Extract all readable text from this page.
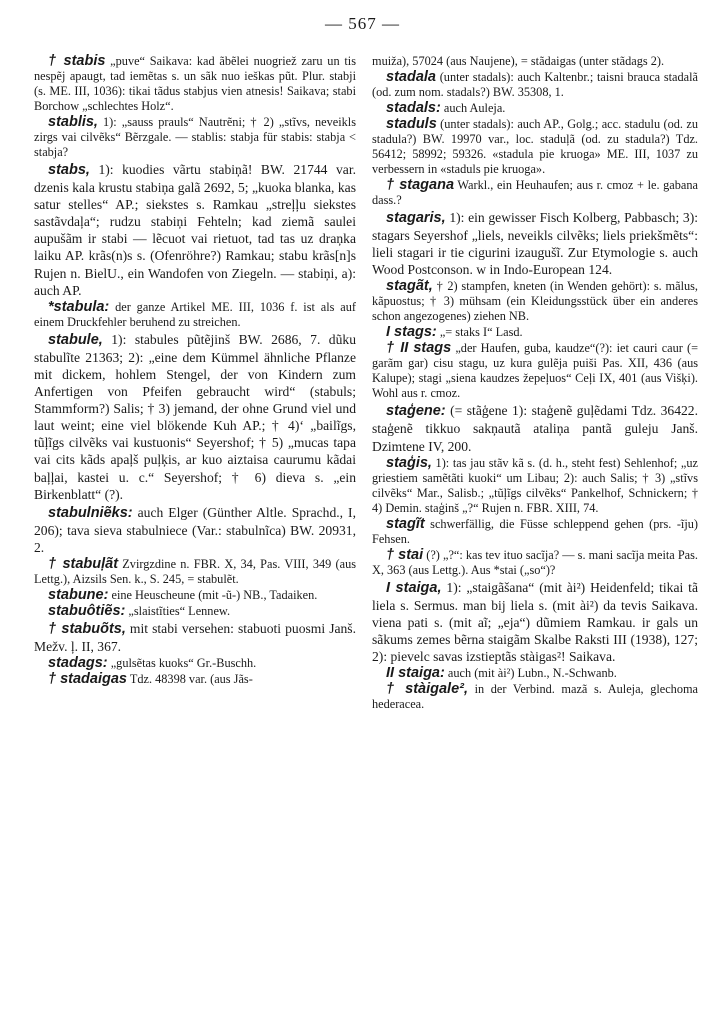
— 567 —

† stabis „puve“ Saikava: kad ãbẽlei nuogriež zaru un tis nespẽj apaugt, tad iemẽtas s. un sãk nuo ieškas pũt. Plur. stabji (s. ME. III, 1036): tikai tãdus stabjus vien atnesis! Saikava; stabi Borchow „schlechtes Holz“.

stablis, 1): „sauss prauls“ Nautrẽni; † 2) „stĩvs, neveikls zirgs vai cilvẽks“ Bẽrzgale. — stablis: stabja für stabis: stabja < stabja?

stabs, 1): kuodies vãrtu stabiņã! BW. 21744 var. dzenis kala krustu stabiņa galã 2692, 5; „kuoka blanka, kas satur stelles“ AP.; siekstes s. Ramkau „streļļu siekstes sastãvdaļa“; rudzu stabiņi Fehteln; kad ziemã saulei aupušãm ir stabi — lẽcuot vai rietuot, tad tas uz draņka laiku AP. krãs(n)s s. (Ofenröhre?) Ramkau; stabu krãs[n]s Rujen n. BielU., ein Wandofen von Ziegeln. — stabiņi, a): auch AP.

*stabula: der ganze Artikel ME. III, 1036 f. ist als auf einem Druckfehler beruhend zu streichen.

stabule, 1): stabules pũtẽjinš BW. 2686, 7. dũku stabulĩte 21363; 2): „eine dem Kümmel ähnliche Pflanze mit dickem, hohlem Stengel, der von Kindern zum Anfertigen von Pfeifen gebraucht wird“ (stabuls; Stammform?) Salis; † 3) jemand, der ohne Grund viel und laut weint; eine viel blökende Kuh AP.; † 4)ʻ „bailĩgs, tũļĩgs cilvẽks vai kustuonis“ Seyershof; † 5) „mucas tapa vai cits kãds apaļš puļķis, ar kuo aiztaisa caurumu kãdai baļļai, kastei u. c.“ Seyershof; † 6) dieva s. „ein Birkenblatt“ (?).

stabulniẽks: auch Elger (Günther Altle. Sprachd., I, 206); tava sieva stabulniece (Var.: stabulnĩca) BW. 20931, 2.

† stabuļãt Zvirgzdine n. FBR. X, 34, Pas. VIII, 349 (aus Lettg.), Aizsils Sen. k., S. 245, = stabulẽt.

stabune: eine Heuscheune (mit -ũ-) NB., Tadaiken.

stabuôtiẽs: „slaistĩties“ Lennew.

† stabuõts, mit stabi versehen: stabuoti puosmi Janš. Mežv. ļ. II, 367.

stadags: „gulsẽtas kuoks“ Gr.-Buschh.

† stadaigas Tdz. 48398 var. (aus Jãs-

muiža), 57024 (aus Naujene), = stãdaigas (unter stãdags 2).

stadala (unter stadals): auch Kaltenbr.; taisni brauca stadalã (od. zum nom. stadals?) BW. 35308, 1.

stadals: auch Auleja.

staduls (unter stadals): auch AP., Golg.; acc. stadulu (od. zu stadula?) BW. 19970 var., loc. staduļã (od. zu stadula?) Tdz. 56412; 58992; 59326. «stadula pie kruoga» ME. III, 1037 zu verbessern in «staduls pie kruoga».

† stagana Warkl., ein Heuhaufen; aus r. cmoz + le. gabana dass.?

stagaris, 1): ein gewisser Fisch Kolberg, Pabbasch; 3): stagars Seyershof „liels, neveikls cilvẽks; liels priekšmẽts“: lieli stagari ir tie cigurini izaugušĩ. Zur Etymologie s. auch Wood Postconson. w in Indo-European 124.

stagãt, † 2) stampfen, kneten (in Wenden gehört): s. mãlus, kãpuostus; † 3) mühsam (ein Kleidungsstück über ein anderes schon angezogenes) ziehen NB.

I stags: „= staks I“ Lasd.

† II stags „der Haufen, guba, kaudze“(?): iet cauri caur (= garãm gar) cisu stagu, uz kura gulẽja puiši Pas. XII, 436 (aus Kalupe); stagi „siena kaudzes žepeļuos“ Ceļi IX, 401 (aus Višķi). Wohl aus r. cmoz.

staģene: (= stãģene 1): staģenẽ guļẽdami Tdz. 36422. staģenẽ tikkuo sakņautã ataliņa pantã guleju Janš. Dzimtene IV, 200.

staģis, 1): tas jau stãv kã s. (d. h., steht fest) Sehlenhof; „uz griestiem samẽtãti kuoki“ um Libau; 2): auch Salis; † 3) „stĩvs cilvẽks“ Mar., Salisb.; „tũļĩgs cilvẽks“ Pankelhof, Schnickern; † 4) Demin. staģinš „?“ Rujen n. FBR. XIII, 74.

stagĩt schwerfällig, die Füsse schleppend gehen (prs. -ĩju) Fehsen.

† stai (?) „?“: kas tev ituo sacĩja? — s. mani sacĩja meita Pas. X, 363 (aus Lettg.). Aus *stai („so“)?

I staiga, 1): „staigãšana“ (mit ài²) Heidenfeld; tikai tã liela s. Sermus. man bij liela s. (mit ài²) da tevis Saikava. viena pati s. (mit aĩ; „eja“) dũmiem Ramkau. ir gals un sãkums zemes bẽrna staigãm Skalbe Raksti III (1938), 127; 2): pievelc savas izstieptãs stàigas²! Saikava.

II staiga: auch (mit ài²) Lubn., N.-Schwanb.

† stàigale², in der Verbind. mazã s. Auleja, glechoma hederacea.
